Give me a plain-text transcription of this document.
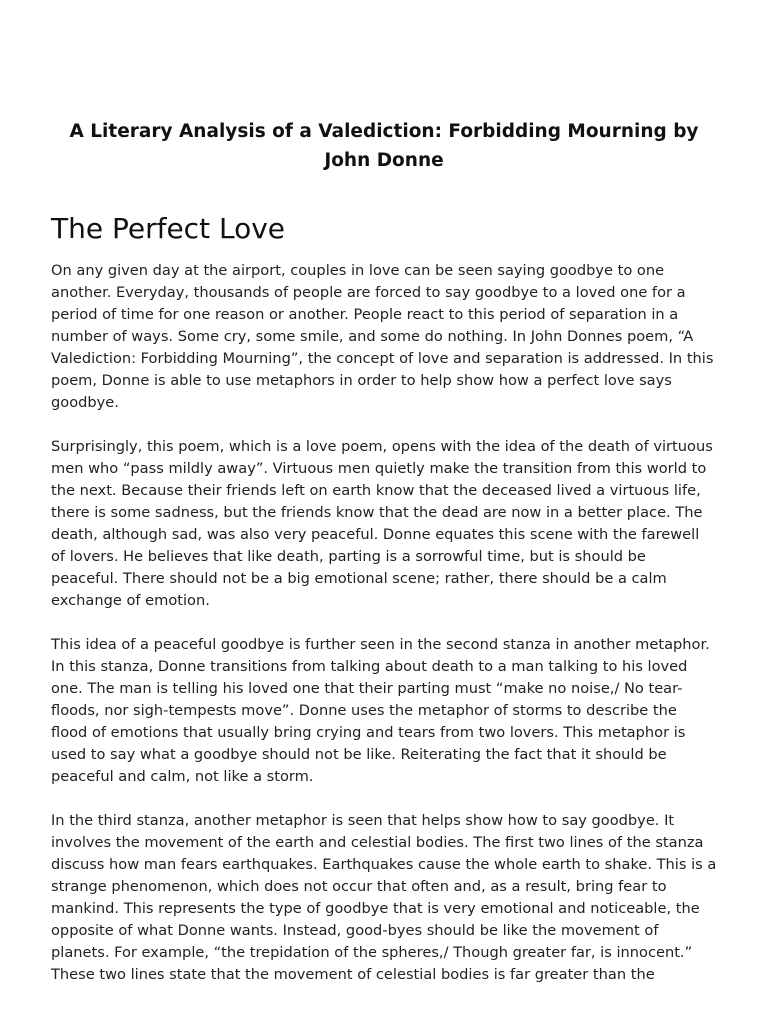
A Literary Analysis of a Valediction: Forbidding Mourning by John Donne
The Perfect Love

On any given day at the airport, couples in love can be seen saying goodbye to one another. Everyday, thousands of people are forced to say goodbye to a loved one for a period of time for one reason or another. People react to this period of separation in a number of ways. Some cry, some smile, and some do nothing. In John Donnes poem, “A Valediction: Forbidding Mourning”, the concept of love and separation is addressed. In this poem, Donne is able to use metaphors in order to help show how a perfect love says goodbye.

Surprisingly, this poem, which is a love poem, opens with the idea of the death of virtuous men who “pass mildly away”. Virtuous men quietly make the transition from this world to the next. Because their friends left on earth know that the deceased lived a virtuous life, there is some sadness, but the friends know that the dead are now in a better place. The death, although sad, was also very peaceful. Donne equates this scene with the farewell of lovers. He believes that like death, parting is a sorrowful time, but is should be peaceful. There should not be a big emotional scene; rather, there should be a calm exchange of emotion.

This idea of a peaceful goodbye is further seen in the second stanza in another metaphor. In this stanza, Donne transitions from talking about death to a man talking to his loved one. The man is telling his loved one that their parting must “make no noise,/ No tear-floods, nor sigh-tempests move”. Donne uses the metaphor of storms to describe the flood of emotions that usually bring crying and tears from two lovers. This metaphor is used to say what a goodbye should not be like. Reiterating the fact that it should be peaceful and calm, not like a storm.

In the third stanza, another metaphor is seen that helps show how to say goodbye. It involves the movement of the earth and celestial bodies. The first two lines of the stanza discuss how man fears earthquakes. Earthquakes cause the whole earth to shake. This is a strange phenomenon, which does not occur that often and, as a result, bring fear to mankind. This represents the type of goodbye that is very emotional and noticeable, the opposite of what Donne wants. Instead, good-byes should be like the movement of planets. For example, “the trepidation of the spheres,/ Though greater far, is innocent.” These two lines state that the movement of celestial bodies is far greater than the
